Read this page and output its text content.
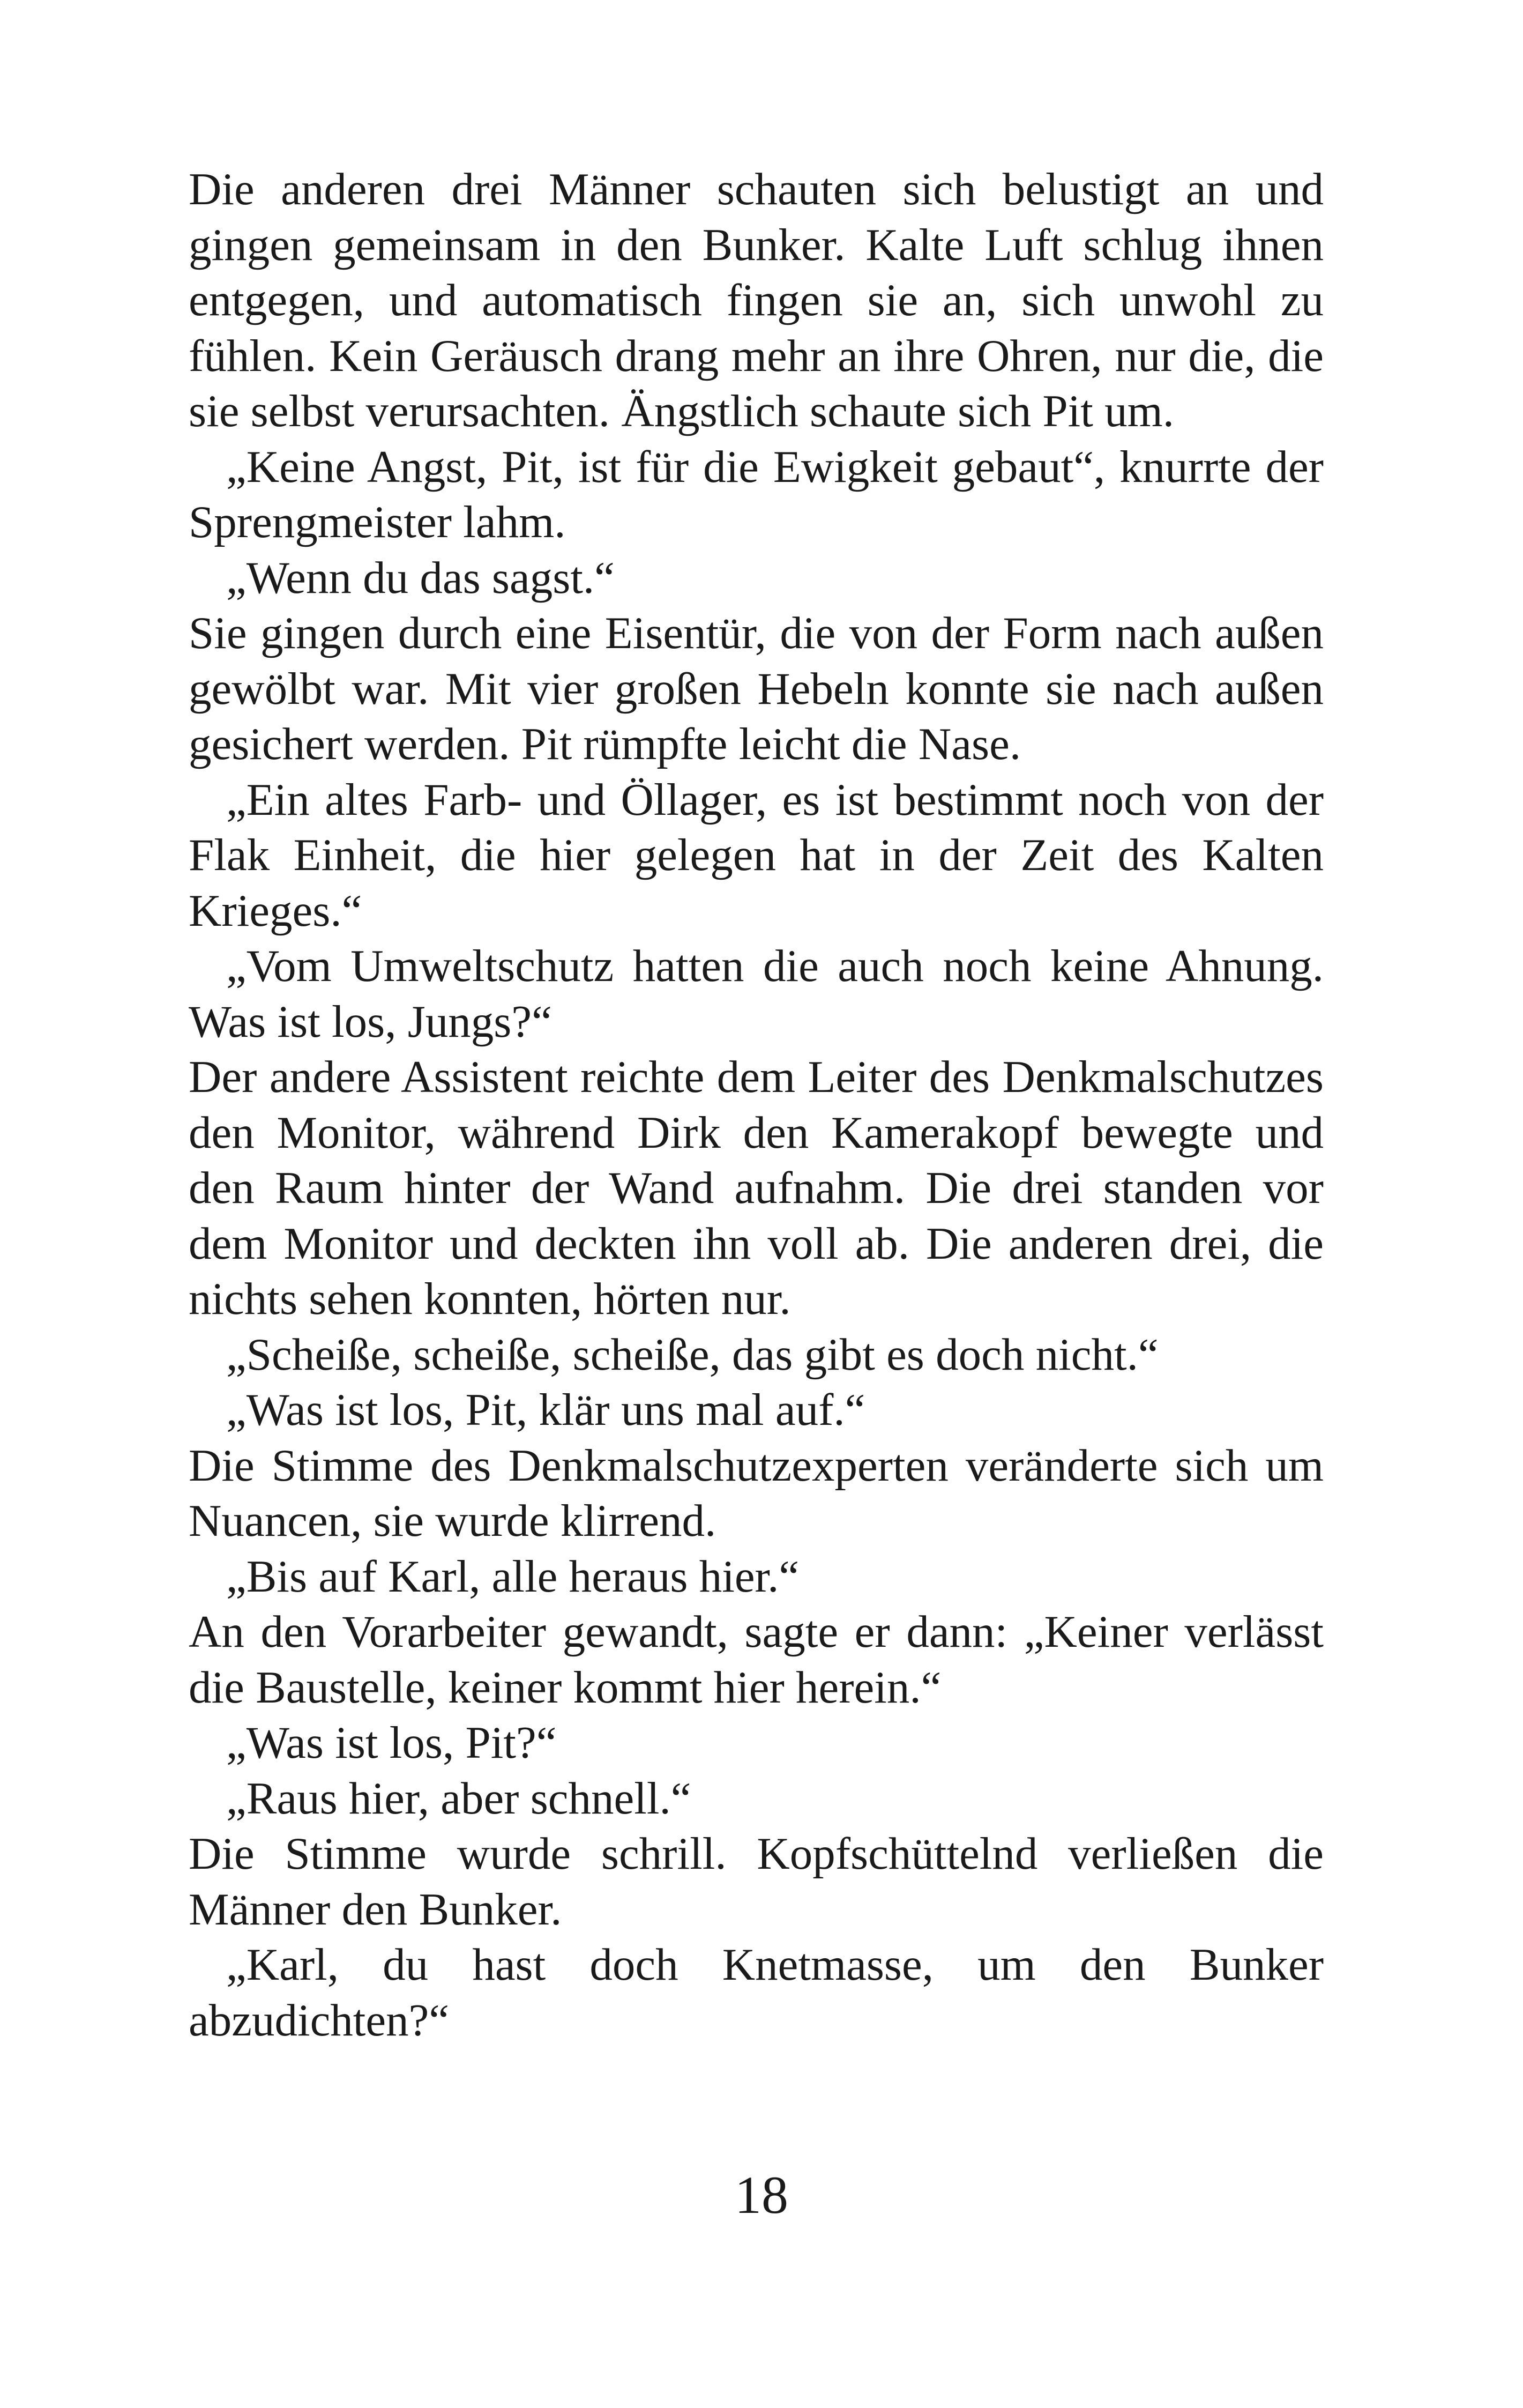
Die anderen drei Männer schauten sich belustigt an und gingen gemeinsam in den Bunker. Kalte Luft schlug ihnen entgegen, und automatisch fingen sie an, sich unwohl zu fühlen. Kein Geräusch drang mehr an ihre Ohren, nur die, die sie selbst verursachten. Ängstlich schaute sich Pit um.

„Keine Angst, Pit, ist für die Ewigkeit gebaut“, knurrte der Sprengmeister lahm.

„Wenn du das sagst.“

Sie gingen durch eine Eisentür, die von der Form nach außen gewölbt war. Mit vier großen Hebeln konnte sie nach außen gesichert werden. Pit rümpfte leicht die Nase.

„Ein altes Farb- und Öllager, es ist bestimmt noch von der Flak Einheit, die hier gelegen hat in der Zeit des Kalten Krieges.“

„Vom Umweltschutz hatten die auch noch keine Ahnung. Was ist los, Jungs?“

Der andere Assistent reichte dem Leiter des Denkmalschutzes den Monitor, während Dirk den Kamerakopf bewegte und den Raum hinter der Wand aufnahm. Die drei standen vor dem Monitor und deckten ihn voll ab. Die anderen drei, die nichts sehen konnten, hörten nur.

„Scheiße, scheiße, scheiße, das gibt es doch nicht.“

„Was ist los, Pit, klär uns mal auf.“

Die Stimme des Denkmalschutzexperten veränderte sich um Nuancen, sie wurde klirrend.

„Bis auf Karl, alle heraus hier.“

An den Vorarbeiter gewandt, sagte er dann: „Keiner verlässt die Baustelle, keiner kommt hier herein.“

„Was ist los, Pit?“

„Raus hier, aber schnell.“

Die Stimme wurde schrill. Kopfschüttelnd verließen die Männer den Bunker.

„Karl, du hast doch Knetmasse, um den Bunker abzudichten?“

18
